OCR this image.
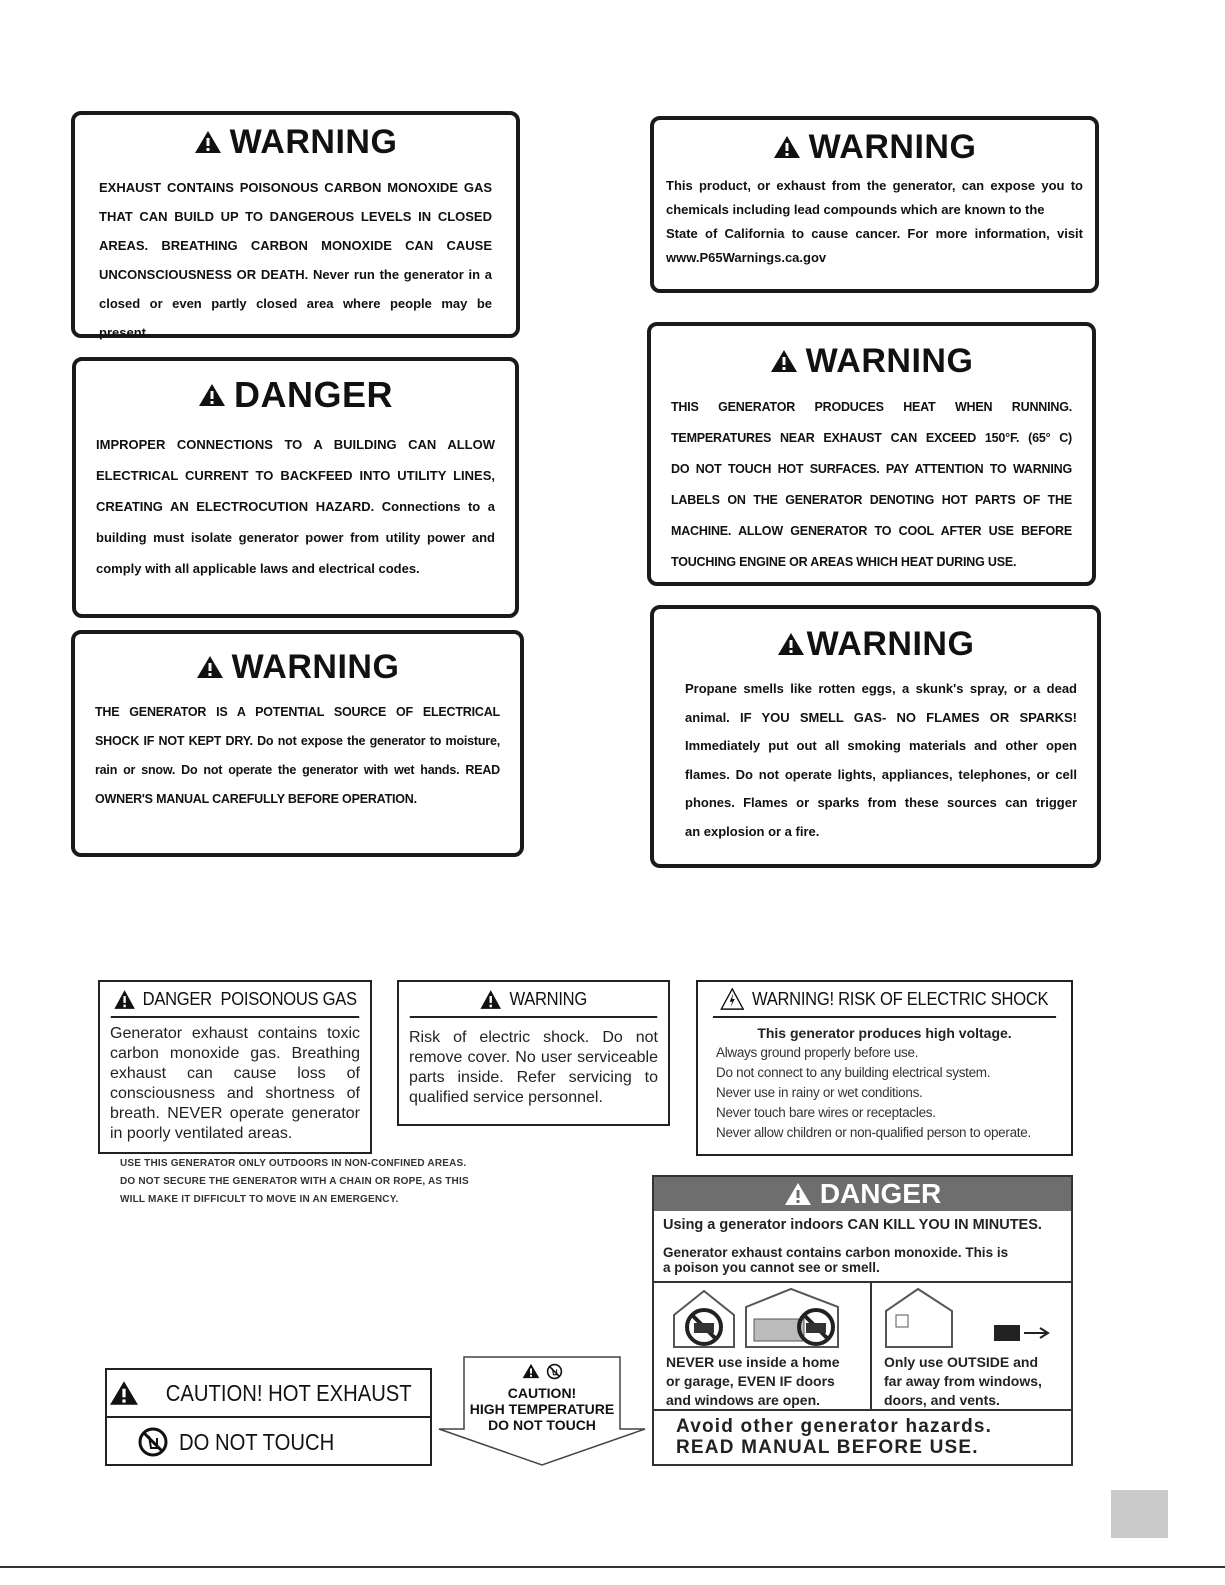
WARNING

EXHAUST CONTAINS POISONOUS CARBON MONOXIDE GAS

THAT CAN BUILD UP TO DANGEROUS LEVELS IN CLOSED

AREAS. BREATHING CARBON MONOXIDE CAN CAUSE

UNCONSCIOUSNESS OR DEATH. Never run the generator in a

closed or even partly closed area where people may be present.

WARNING

This product, or exhaust from the generator, can expose you to

chemicals including lead compounds which are known to the

State of California to cause cancer. For more information, visit

www.P65Warnings.ca.gov

DANGER

IMPROPER CONNECTIONS TO A BUILDING CAN ALLOW

ELECTRICAL CURRENT TO BACKFEED INTO UTILITY LINES,

CREATING AN ELECTROCUTION HAZARD. Connections to a

building must isolate generator power from utility power and

comply with all applicable laws and electrical codes.

WARNING

THIS GENERATOR PRODUCES HEAT WHEN RUNNING.

TEMPERATURES NEAR EXHAUST CAN EXCEED 150°F. (65° C)

DO NOT TOUCH HOT SURFACES. PAY ATTENTION TO WARNING

LABELS ON THE GENERATOR DENOTING HOT PARTS OF THE

MACHINE. ALLOW GENERATOR TO COOL AFTER USE BEFORE

TOUCHING ENGINE OR AREAS WHICH HEAT DURING USE.

WARNING

THE GENERATOR IS A POTENTIAL SOURCE OF ELECTRICAL

SHOCK IF NOT KEPT DRY. Do not expose the generator to moisture,

rain or snow. Do not operate the generator with wet hands. READ

OWNER'S MANUAL CAREFULLY BEFORE OPERATION.

WARNING

Propane smells like rotten eggs, a skunk's spray, or a dead

animal. IF YOU SMELL GAS- NO FLAMES OR SPARKS!

Immediately put out all smoking materials and other open

flames. Do not operate lights, appliances, telephones, or cell

phones. Flames or sparks from these sources can trigger

an explosion or a fire.

DANGER  POISONOUS GAS
Generator exhaust contains toxic
carbon monoxide gas. Breathing
exhaust can cause loss of
consciousness and shortness of
breath. NEVER operate generator
in poorly ventilated areas.
WARNING
Risk of electric shock. Do not
remove cover. No user serviceable
parts inside. Refer servicing to
qualified service personnel.
WARNING! RISK OF ELECTRIC SHOCK
This generator produces high voltage.
Always ground properly before use.
Do not connect to any building electrical system.
Never use in rainy or wet conditions.
Never touch bare wires or receptacles.
Never allow children or non-qualified person to operate.
USE THIS GENERATOR ONLY OUTDOORS IN NON-CONFINED AREAS.
DO NOT SECURE THE GENERATOR WITH A CHAIN OR ROPE, AS THIS
WILL MAKE IT DIFFICULT TO MOVE IN AN EMERGENCY.	DANGER
Using a generator indoors CAN KILL YOU IN MINUTES.
Generator exhaust contains carbon monoxide. This is
a poison you cannot see or smell.
NEVER use inside a home
or garage, EVEN IF doors
and windows are open.
Only use OUTSIDE and
far away from windows,
doors, and vents.
Avoid other generator hazards.
READ MANUAL BEFORE USE.
CAUTION! HOT EXHAUST
DO NOT TOUCH
CAUTION!
HIGH TEMPERATURE
DO NOT TOUCH
